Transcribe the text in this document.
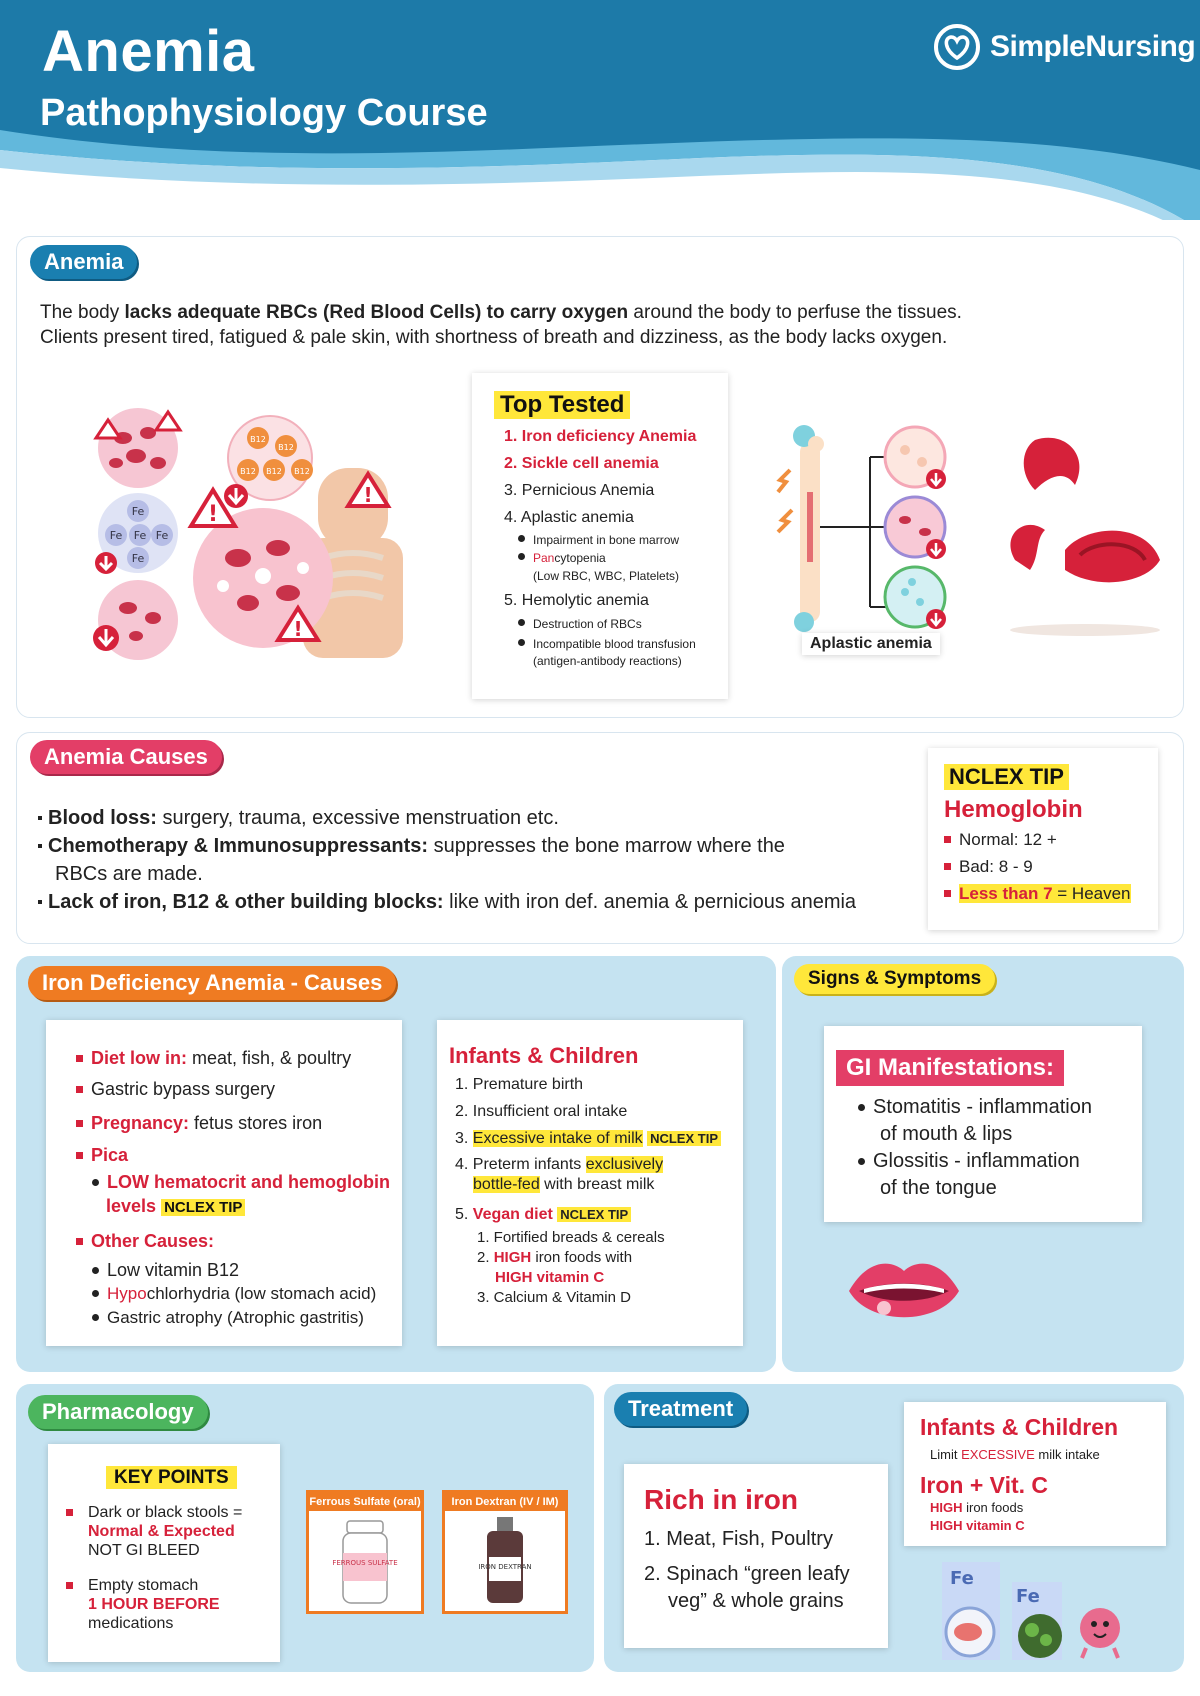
Anemia
Pathophysiology Course
SimpleNursing
Anemia
The body lacks adequate RBCs (Red Blood Cells) to carry oxygen around the body to perfuse the tissues.
Clients present tired, fatigued & pale skin, with shortness of breath and dizziness, as the body lacks oxygen.
Fe
Fe Fe Fe
Fe
B12
B12 B12 B12
B12
!
!
!
Top Tested
1. Iron deficiency Anemia
2. Sickle cell anemia
3. Pernicious Anemia
4. Aplastic anemia
Impairment in bone marrow
Pancytopenia
(Low RBC, WBC, Platelets)
5. Hemolytic anemia
Destruction of RBCs
Incompatible blood transfusion
(antigen-antibody reactions)
Aplastic anemia
Anemia Causes
Blood loss: surgery, trauma, excessive menstruation etc.
Chemotherapy & Immunosuppressants: suppresses the bone marrow where the
RBCs are made.
Lack of iron, B12 & other building blocks: like with iron def. anemia & pernicious anemia
NCLEX TIP
Hemoglobin
Normal: 12 +
Bad: 8 - 9
Less than 7 = Heaven
Iron Deficiency Anemia - Causes
Diet low in: meat, fish, & poultry
Gastric bypass surgery
Pregnancy: fetus stores iron
Pica
LOW hematocrit and hemoglobin
levels NCLEX TIP
Other Causes:
Low vitamin B12
Hypochlorhydria (low stomach acid)
Gastric atrophy (Atrophic gastritis)
Infants & Children
1. Premature birth
2. Insufficient oral intake
3. Excessive intake of milk NCLEX TIP
4. Preterm infants exclusively
bottle-fed with breast milk
5. Vegan diet NCLEX TIP
1. Fortified breads & cereals
2. HIGH iron foods with
HIGH vitamin C
3. Calcium & Vitamin D
Signs & Symptoms
GI Manifestations:
Stomatitis - inflammation
of mouth & lips
Glossitis - inflammation
of the tongue
Pharmacology
KEY POINTS
Dark or black stools =
Normal & Expected
NOT GI BLEED
Empty stomach
1 HOUR BEFORE
medications
Ferrous Sulfate (oral)
FERROUS SULFATE
Iron Dextran (IV / IM)
IRON DEXTRAN
Treatment
Rich in iron
1. Meat, Fish, Poultry
2. Spinach “green leafy
veg” & whole grains
Infants & Children
Limit EXCESSIVE milk intake
Iron + Vit. C
HIGH iron foods
HIGH vitamin C
Fe
Fe
